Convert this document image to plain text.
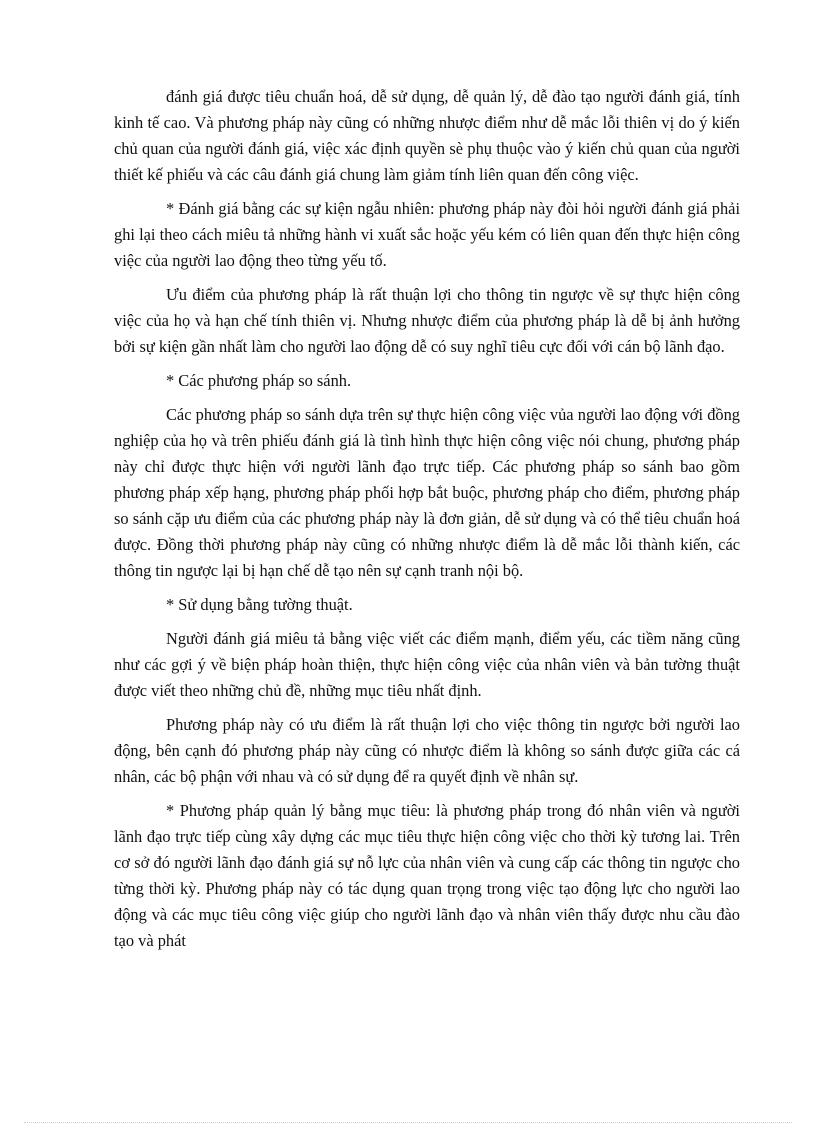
đánh giá được tiêu chuẩn hoá, dễ sử dụng, dễ quản lý, dễ đào tạo người đánh giá, tính kinh tế cao. Và phương pháp này cũng có những nhược điểm như dễ mắc lỗi thiên vị do ý kiến chủ quan của người đánh giá, việc xác định quyền sè phụ thuộc vào ý kiến chủ quan của người thiết kế phiếu và các câu đánh giá chung làm giảm tính liên quan đến công việc.

* Đánh giá bằng các sự kiện ngẫu nhiên: phương pháp này đòi hỏi người đánh giá phải ghi lại theo cách miêu tả những hành vi xuất sắc hoặc yếu kém có liên quan đến thực hiện công việc của người lao động theo từng yếu tố.

Ưu điểm của phương pháp là rất thuận lợi cho thông tin ngược về sự thực hiện công việc của họ và hạn chế tính thiên vị. Nhưng nhược điểm của phương pháp là dễ bị ảnh hưởng bởi sự kiện gần nhất làm cho người lao động dễ có suy nghĩ tiêu cực đối với cán bộ lãnh đạo.

* Các phương pháp so sánh.

Các phương pháp so sánh dựa trên sự thực hiện công việc vủa người lao động với đồng nghiệp của họ và trên phiếu đánh giá là tình hình thực hiện công việc nói chung, phương pháp này chỉ được thực hiện với người lãnh đạo trực tiếp. Các phương pháp so sánh bao gồm phương pháp xếp hạng, phương pháp phối hợp bắt buộc, phương pháp cho điểm, phương pháp so sánh cặp ưu điểm của các phương pháp này là đơn giản, dễ sử dụng và có thể tiêu chuẩn hoá được. Đồng thời phương pháp này cũng có những nhược điểm là dễ mắc lỗi thành kiến, các thông tin ngược lại bị hạn chế dễ tạo nên sự cạnh tranh nội bộ.

* Sử dụng bằng tường thuật.

Người đánh giá miêu tả bằng việc viết các điểm mạnh, điểm yếu, các tiềm năng cũng như các gợi ý về biện pháp hoàn thiện, thực hiện công việc của nhân viên và bản tường thuật được viết theo những chủ đề, những mục tiêu nhất định.

Phương pháp này có ưu điểm là rất thuận lợi cho việc thông tin ngược bởi người lao động, bên cạnh đó phương pháp này cũng có nhược điểm là không so sánh được giữa các cá nhân, các bộ phận với nhau và có sử dụng để ra quyết định về nhân sự.

* Phương pháp quản lý bằng mục tiêu: là phương pháp trong đó nhân viên và người lãnh đạo trực tiếp cùng xây dựng các mục tiêu thực hiện công việc cho thời kỳ tương lai. Trên cơ sở đó người lãnh đạo đánh giá sự nỗ lực của nhân viên và cung cấp các thông tin ngược cho từng thời kỳ. Phương pháp này có tác dụng quan trọng trong việc tạo động lực cho người lao động và các mục tiêu công việc giúp cho người lãnh đạo và nhân viên thấy được nhu cầu đào tạo và phát
